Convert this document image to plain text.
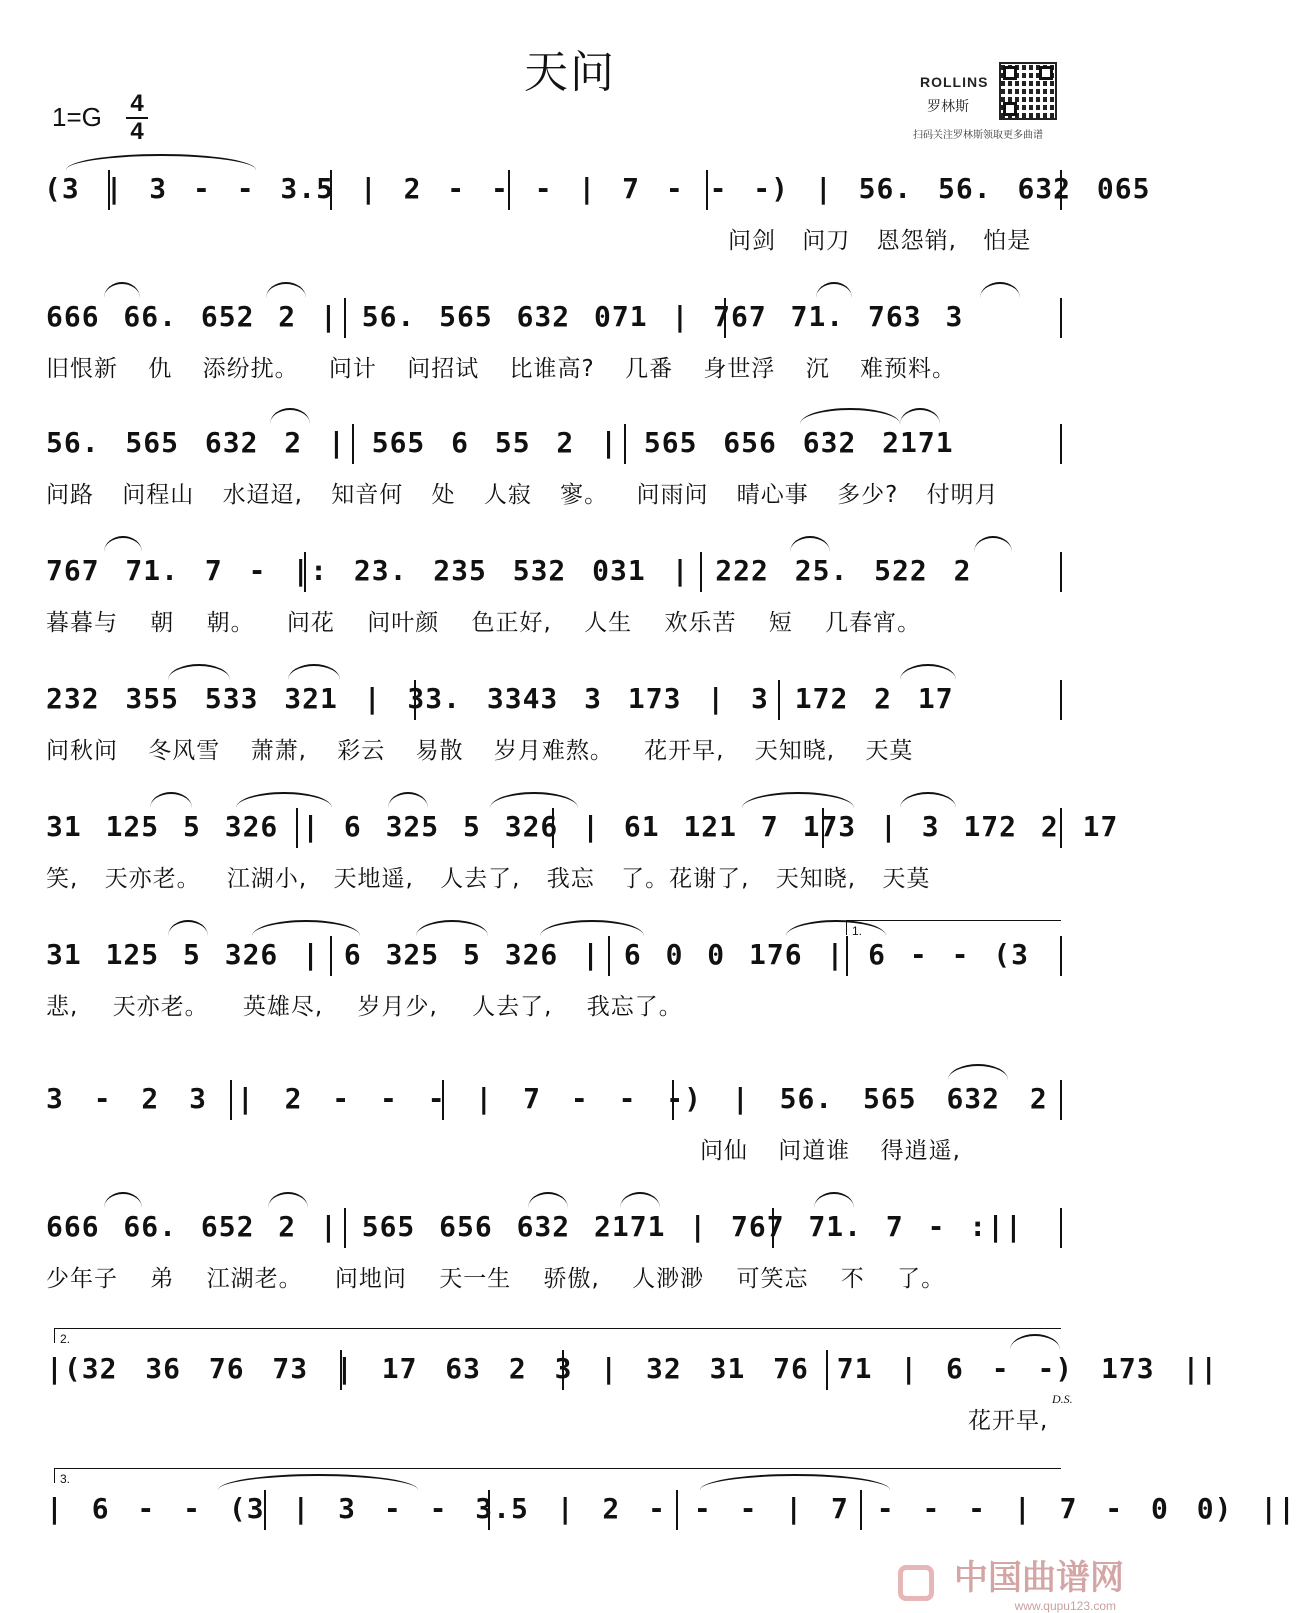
天问
1=G 4
4
ROLLINS
罗林斯
扫码关注罗林斯领取更多曲谱
(3 | 3 - - 3.5 | 2 - - - | 7 - - -) | 56. 56. 632 065
问剑 问刀 恩怨销, 怕是
666 66. 652 2 | 56. 565 632 071 | 767 71. 763 3
旧恨新 仇 添纷扰。 问计 问招试 比谁高? 几番 身世浮 沉 难预料。
56. 565 632 2 | 565 6 55 2 | 565 656 632 2171
问路 问程山 水迢迢, 知音何 处 人寂 寥。 问雨问 晴心事 多少? 付明月
767 71. 7 - |: 23. 235 532 031 | 222 25. 522 2
暮暮与 朝 朝。 问花 问叶颜 色正好, 人生 欢乐苦 短 几春宵。
232 355 533 321 | 33. 3343 3 173 | 3 172 2 17
问秋问 冬风雪 萧萧, 彩云 易散 岁月难熬。 花开早, 天知晓, 天莫
31 125 5 326 | 6 325 5 326 | 61 121 7 173 | 3 172 2 17
笑, 天亦老。 江湖小, 天地遥, 人去了, 我忘 了。花谢了, 天知晓, 天莫
1.
31 125 5 326 | 6 325 5 326 | 6 0 0 176 | 6 - - (3
悲, 天亦老。 英雄尽, 岁月少, 人去了, 我忘了。
3 - 2 3 | 2 - - - | 7 - - -) | 56. 565 632 2
问仙 问道谁 得逍遥,
666 66. 652 2 | 565 656 632 2171 | 767 71. 7 - :||
少年子 弟 江湖老。 问地问 天一生 骄傲, 人渺渺 可笑忘 不 了。
2.
|(32 36 76 73 | 17 63 2 3 | 32 31 76 71 | 6 - -) 173 ||
花开早,
D.S.
3.
| 6 - - (3 | 3 - - 3.5 | 2 - - - | 7 - - - | 7 - 0 0) ||
中国曲谱网
www.qupu123.com
